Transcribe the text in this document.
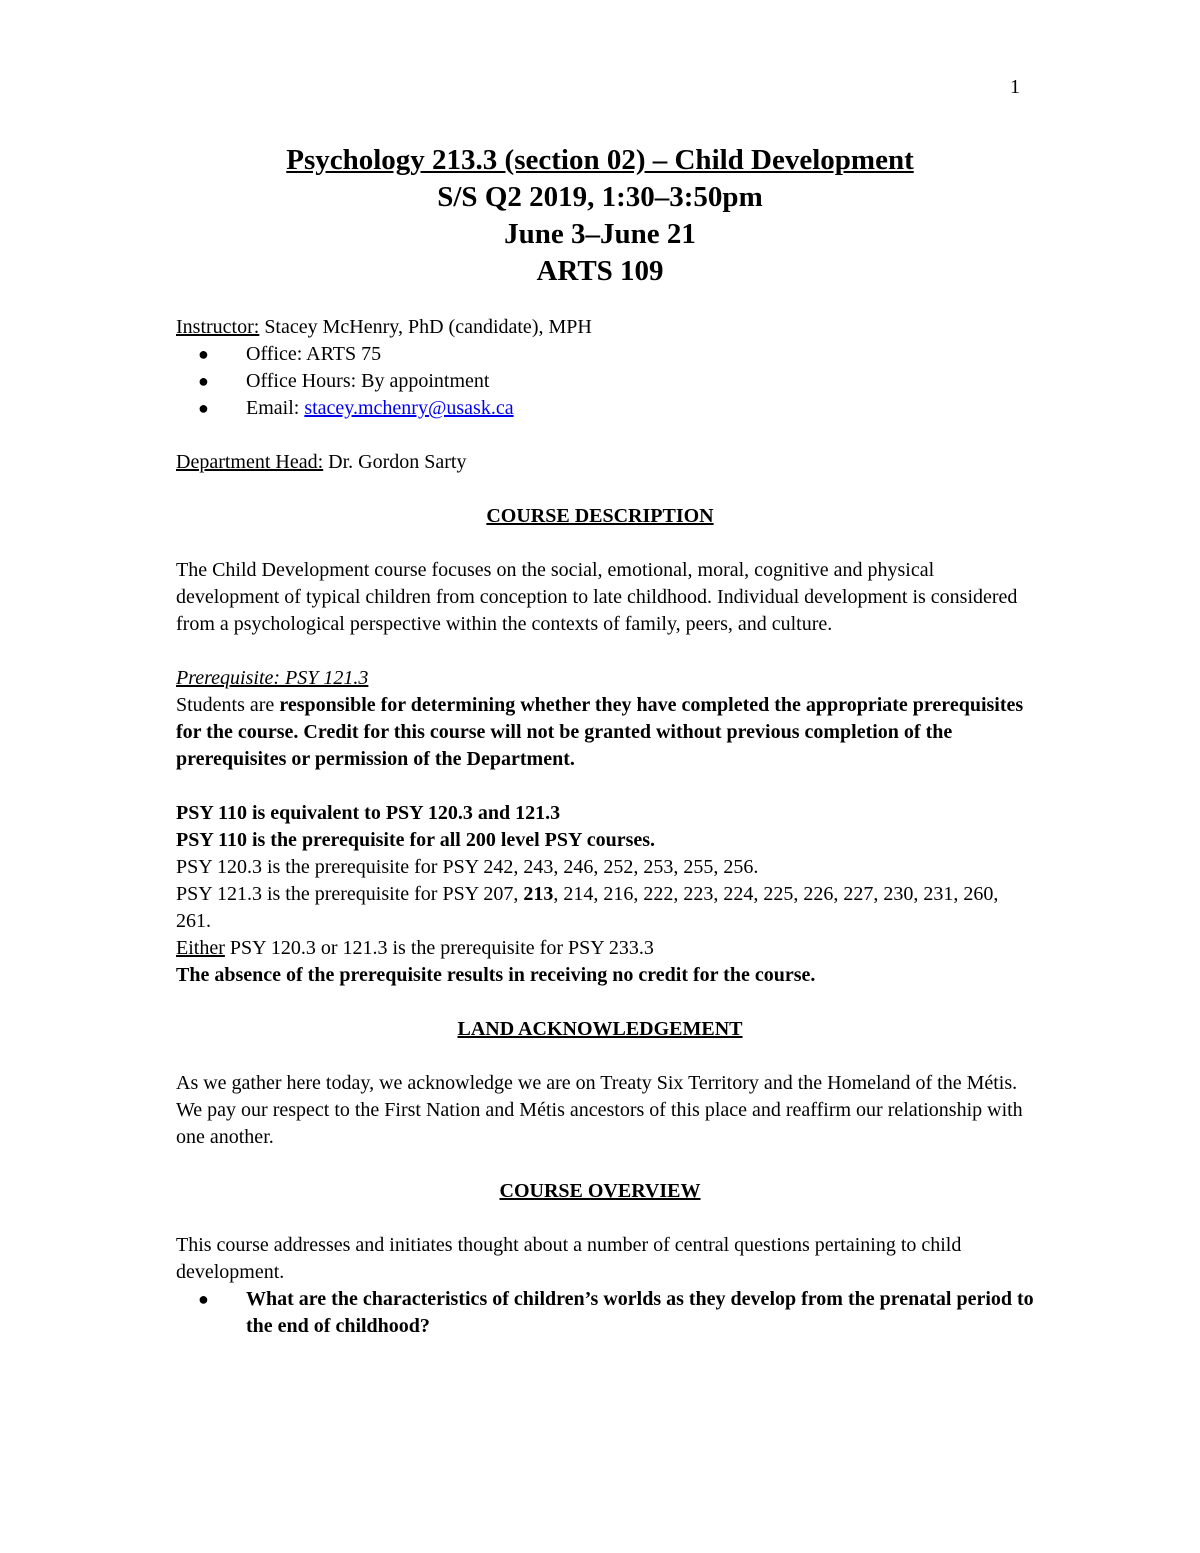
1
Psychology 213.3 (section 02) – Child Development
S/S Q2 2019, 1:30–3:50pm
June 3–June 21
ARTS 109

Instructor: Stacey McHenry, PhD (candidate), MPH

● Office: ARTS 75
● Office Hours: By appointment
● Email: stacey.mchenry@usask.ca

Department Head: Dr. Gordon Sarty

COURSE DESCRIPTION

The Child Development course focuses on the social, emotional, moral, cognitive and physical development of typical children from conception to late childhood. Individual development is considered from a psychological perspective within the contexts of family, peers, and culture.

Prerequisite: PSY 121.3

Students are responsible for determining whether they have completed the appropriate prerequisites for the course. Credit for this course will not be granted without previous completion of the prerequisites or permission of the Department.

PSY 110 is equivalent to PSY 120.3 and 121.3

PSY 110 is the prerequisite for all 200 level PSY courses.

PSY 120.3 is the prerequisite for PSY 242, 243, 246, 252, 253, 255, 256.

PSY 121.3 is the prerequisite for PSY 207, 213, 214, 216, 222, 223, 224, 225, 226, 227, 230, 231, 260, 261.

Either PSY 120.3 or 121.3 is the prerequisite for PSY 233.3

The absence of the prerequisite results in receiving no credit for the course.

LAND ACKNOWLEDGEMENT

As we gather here today, we acknowledge we are on Treaty Six Territory and the Homeland of the Métis. We pay our respect to the First Nation and Métis ancestors of this place and reaffirm our relationship with one another.

COURSE OVERVIEW

This course addresses and initiates thought about a number of central questions pertaining to child development.

● What are the characteristics of children’s worlds as they develop from the prenatal period to the end of childhood?
